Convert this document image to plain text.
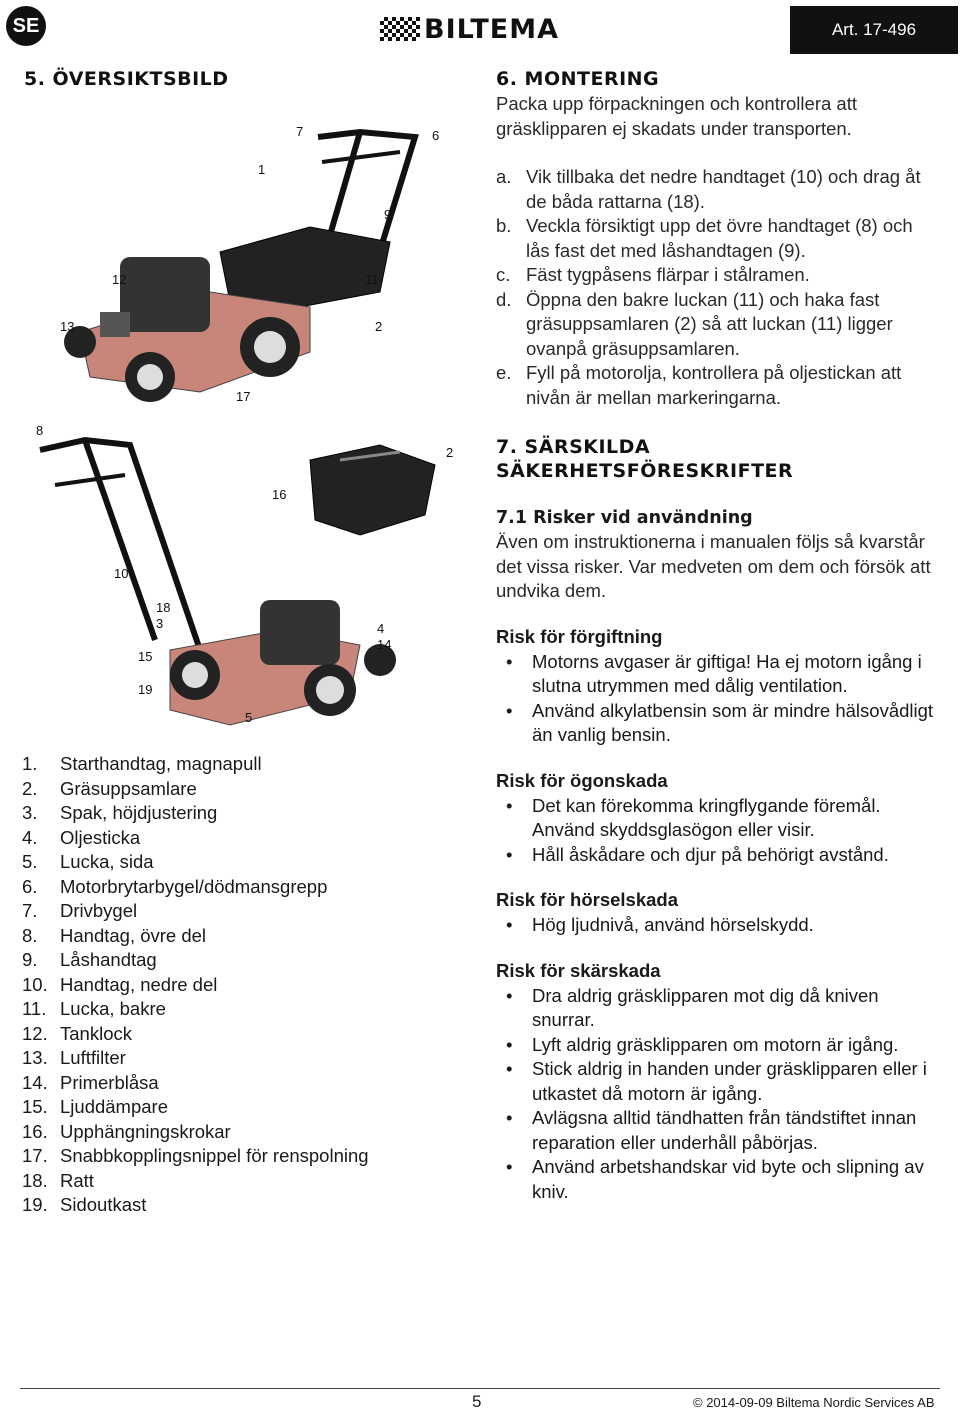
SE	BILTEMA	Art. 17-496
5. ÖVERSIKTSBILD
7	6
1
9
12	11
13	2
17
8
2
16
10
18
3	4
14
15
19
5
1.	Starthandtag, magnapull
2.	Gräsuppsamlare
3.	Spak, höjdjustering
4.	Oljesticka
5.	Lucka, sida
6.	Motorbrytarbygel/dödmansgrepp
7.	Drivbygel
8.	Handtag, övre del
9.	Låshandtag
10. Handtag, nedre del
11. Lucka, bakre
12. Tanklock
13. Luftfilter
14. Primerblåsa
15. Ljuddämpare
16. Upphängningskrokar
17. Snabbkopplingsnippel för renspolning
18. Ratt
19. Sidoutkast
6. MONTERING
Packa upp förpackningen och kontrollera att gräsklipparen ej skadats under transporten.
a. Vik tillbaka det nedre handtaget (10) och drag åt de båda rattarna (18).
b. Veckla försiktigt upp det övre handtaget (8) och lås fast det med låshandtagen (9).
c. Fäst tygpåsens flärpar i stålramen.
d. Öppna den bakre luckan (11) och haka fast gräsuppsamlaren (2) så att luckan (11) ligger ovanpå gräsuppsamlaren.
e. Fyll på motorolja, kontrollera på oljestickan att nivån är mellan markeringarna.
7. SÄRSKILDA
SÄKERHETSFÖRESKRIFTER
7.1 Risker vid användning
Även om instruktionerna i manualen följs så kvarstår det vissa risker. Var medveten om dem och försök att undvika dem.
Risk för förgiftning
•	Motorns avgaser är giftiga! Ha ej motorn igång i slutna utrymmen med dålig ventilation.
•	Använd alkylatbensin som är mindre hälsovådligt än vanlig bensin.
Risk för ögonskada
•	Det kan förekomma kringflygande föremål. Använd skyddsglasögon eller visir.
•	Håll åskådare och djur på behörigt avstånd.
Risk för hörselskada
•	Hög ljudnivå, använd hörselskydd.
Risk för skärskada
•	Dra aldrig gräsklipparen mot dig då kniven snurrar.
•	Lyft aldrig gräsklipparen om motorn är igång.
•	Stick aldrig in handen under gräsklipparen eller i utkastet då motorn är igång.
•	Avlägsna alltid tändhatten från tändstiftet innan reparation eller underhåll påbörjas.
•	Använd arbetshandskar vid byte och slipning av kniv.
5	© 2014-09-09 Biltema Nordic Services AB
